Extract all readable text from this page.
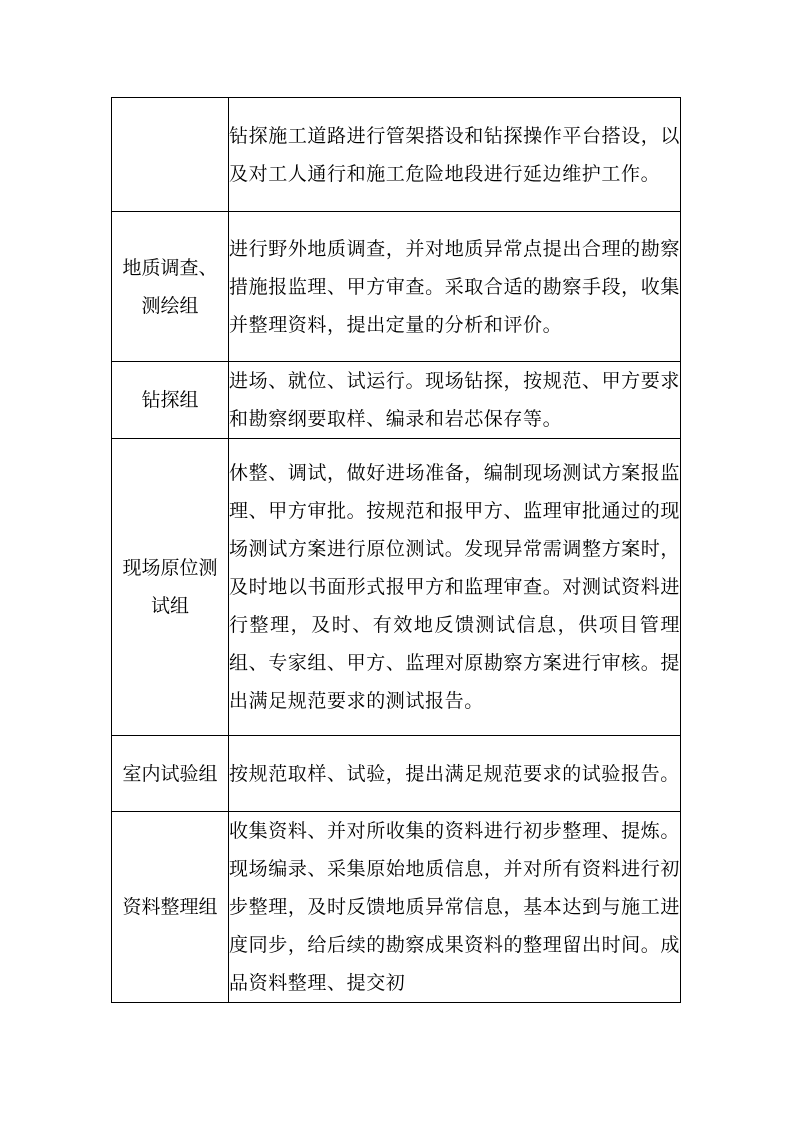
	钻探施工道路进行管架搭设和钻探操作平台搭设，以及对工人通行和施工危险地段进行延边维护工作。

地质调查、测绘组	进行野外地质调查，并对地质异常点提出合理的勘察措施报监理、甲方审查。采取合适的勘察手段，收集并整理资料，提出定量的分析和评价。

钻探组	进场、就位、试运行。现场钻探，按规范、甲方要求和勘察纲要取样、编录和岩芯保存等。

现场原位测试组	休整、调试，做好进场准备，编制现场测试方案报监理、甲方审批。按规范和报甲方、监理审批通过的现场测试方案进行原位测试。发现异常需调整方案时，及时地以书面形式报甲方和监理审查。对测试资料进行整理，及时、有效地反馈测试信息，供项目管理组、专家组、甲方、监理对原勘察方案进行审核。提出满足规范要求的测试报告。

室内试验组	按规范取样、试验，提出满足规范要求的试验报告。

资料整理组	收集资料、并对所收集的资料进行初步整理、提炼。现场编录、采集原始地质信息，并对所有资料进行初步整理，及时反馈地质异常信息，基本达到与施工进度同步，给后续的勘察成果资料的整理留出时间。成品资料整理、提交初
